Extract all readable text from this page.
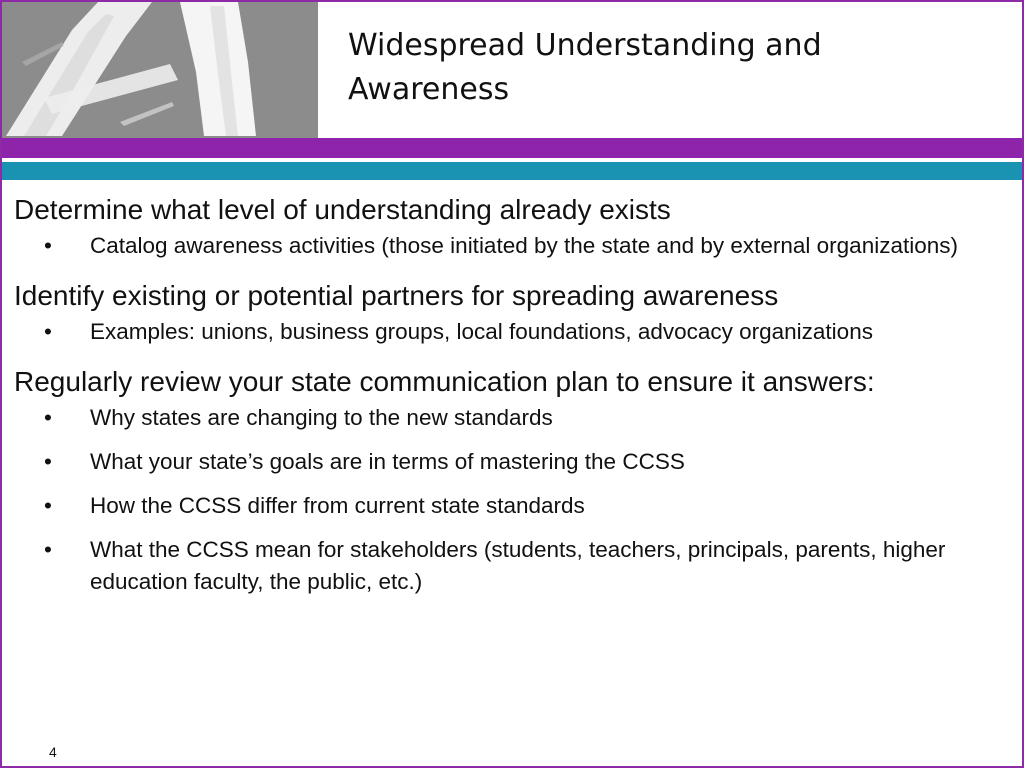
Widespread Understanding and Awareness

Determine what level of understanding already exists

• Catalog awareness activities (those initiated by the state and by external organizations)

Identify existing or potential partners for spreading awareness

• Examples: unions, business groups, local foundations, advocacy organizations

Regularly review your state communication plan to ensure it answers:

• Why states are changing to the new standards
• What your state’s goals are in terms of mastering the CCSS
• How the CCSS differ from current state standards
• What the CCSS mean for stakeholders (students, teachers, principals, parents, higher education faculty, the public, etc.)
4
